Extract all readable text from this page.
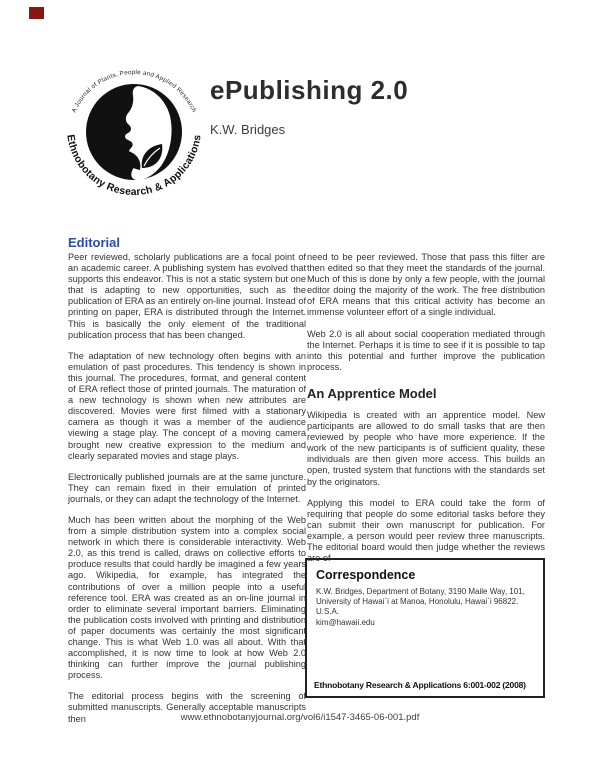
A Journal of Plants, People and Applied Research
Ethnobotany Research & Applications
ePublishing 2.0
K.W. Bridges
Editorial

Peer reviewed, scholarly publications are a focal point of an academic career. A publishing system has evolved that supports this endeavor. This is not a static system but one that is adapting to new opportunities, such as the publication of ERA as an entirely on-line journal. Instead of printing on paper, ERA is distributed through the Internet. This is basically the only element of the traditional publication process that has been changed.

The adaptation of new technology often begins with an emulation of past procedures. This tendency is shown in this journal. The procedures, format, and general content of ERA reflect those of printed journals. The maturation of a new technology is shown when new attributes are discovered. Movies were first filmed with a stationary camera as though it was a member of the audience viewing a stage play. The concept of a moving camera brought new creative expression to the medium and clearly separated movies and stage plays.

Electronically published journals are at the same juncture. They can remain fixed in their emulation of printed journals, or they can adapt the technology of the Internet.

Much has been written about the morphing of the Web from a simple distribution system into a complex social network in which there is considerable interactivity. Web 2.0, as this trend is called, draws on collective efforts to produce results that could hardly be imagined a few years ago. Wikipedia, for example, has integrated the contributions of over a million people into a useful reference tool. ERA was created as an on-line journal in order to eliminate several important barriers. Eliminating the publication costs involved with printing and distribution of paper documents was certainly the most significant change. This is what Web 1.0 was all about. With that accomplished, it is now time to look at how Web 2.0 thinking can further improve the journal publishing process.

The editorial process begins with the screening of submitted manuscripts. Generally acceptable manuscripts then

need to be peer reviewed. Those that pass this filter are then edited so that they meet the standards of the journal. Much of this is done by only a few people, with the journal editor doing the majority of the work. The free distribution of ERA means that this critical activity has become an immense volunteer effort of a single individual.

Web 2.0 is all about social cooperation mediated through the Internet. Perhaps it is time to see if it is possible to tap into this potential and further improve the publication process.

An Apprentice Model

Wikipedia is created with an apprentice model. New participants are allowed to do small tasks that are then reviewed by people who have more experience. If the work of the new participants is of sufficient quality, these individuals are then given more access. This builds an open, trusted system that functions with the standards set by the originators.

Applying this model to ERA could take the form of requiring that people do some editorial tasks before they can submit their own manuscript for publication. For example, a person would peer review three manuscripts. The editorial board would then judge whether the reviews are of

Correspondence
K.W. Bridges, Department of Botany, 3190 Maile Way, 101, University of Hawai`i at Manoa, Honolulu, Hawai`i 96822. U.S.A.
kim@hawaii.edu
Ethnobotany Research & Applications 6:001-002 (2008)
www.ethnobotanyjournal.org/vol6/i1547-3465-06-001.pdf
